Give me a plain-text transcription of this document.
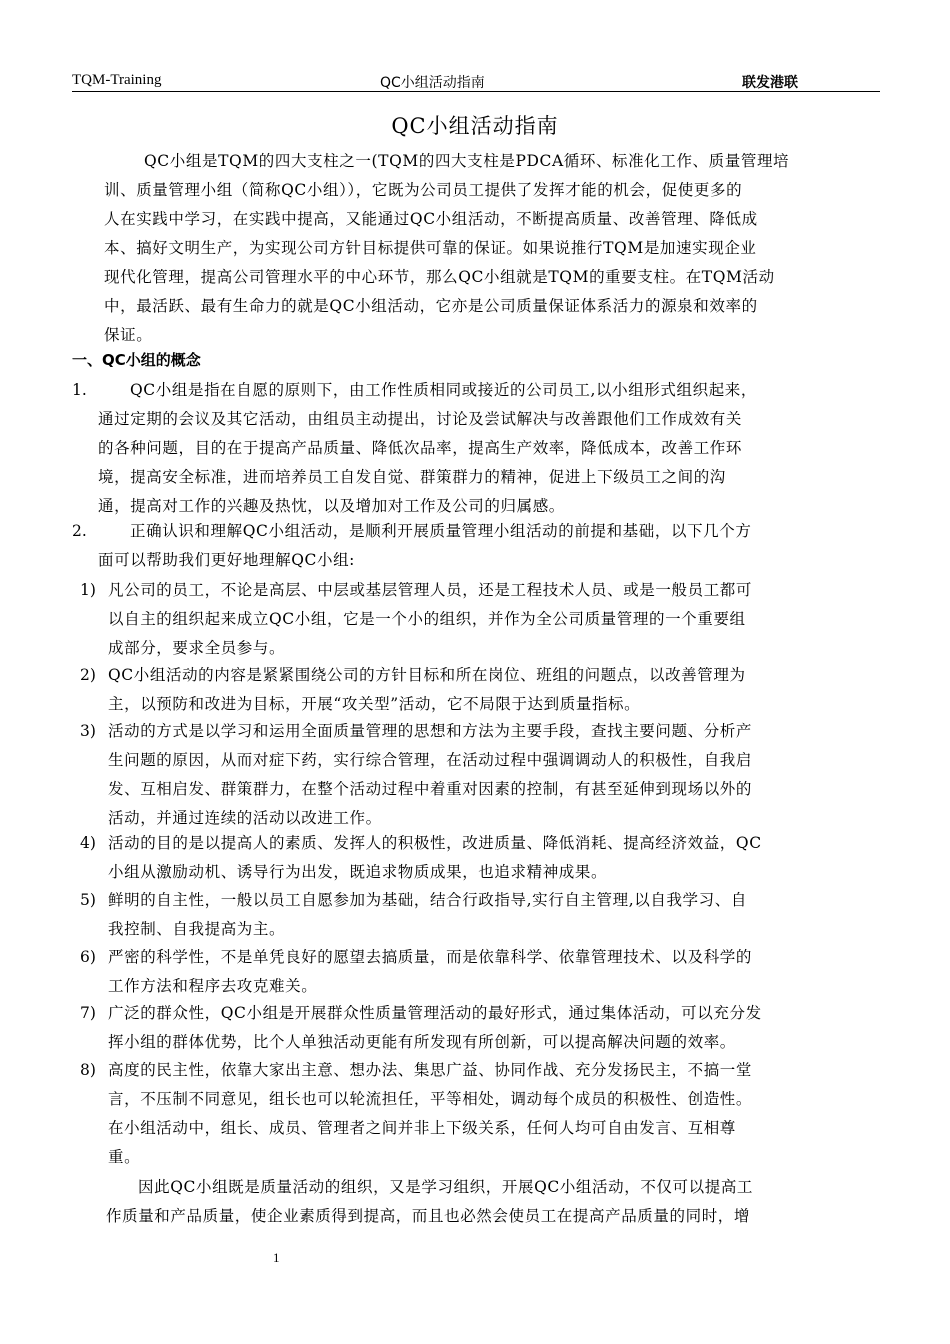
TQM-Training	QC小组活动指南	联发港联
QC小组活动指南
QC小组是TQM的四大支柱之一(TQM的四大支柱是PDCA循环、标准化工作、质量管理培
训、质量管理小组（简称QC小组）），它既为公司员工提供了发挥才能的机会，促使更多的
人在实践中学习，在实践中提高，又能通过QC小组活动，不断提高质量、改善管理、降低成
本、搞好文明生产，为实现公司方针目标提供可靠的保证。如果说推行TQM是加速实现企业
现代化管理，提高公司管理水平的中心环节，那么QC小组就是TQM的重要支柱。在TQM活动
中，最活跃、最有生命力的就是QC小组活动，它亦是公司质量保证体系活力的源泉和效率的
保证。
一、QC小组的概念
1.	QC小组是指在自愿的原则下，由工作性质相同或接近的公司员工,以小组形式组织起来，
通过定期的会议及其它活动，由组员主动提出，讨论及尝试解决与改善跟他们工作成效有关
的各种问题，目的在于提高产品质量、降低次品率，提高生产效率，降低成本，改善工作环
境，提高安全标准，进而培养员工自发自觉、群策群力的精神，促进上下级员工之间的沟
通，提高对工作的兴趣及热忱，以及增加对工作及公司的归属感。
2.	正确认识和理解QC小组活动，是顺利开展质量管理小组活动的前提和基础，以下几个方
面可以帮助我们更好地理解QC小组:
1) 凡公司的员工，不论是高层、中层或基层管理人员，还是工程技术人员、或是一般员工都可
以自主的组织起来成立QC小组，它是一个小的组织，并作为全公司质量管理的一个重要组
成部分，要求全员参与。
2) QC小组活动的内容是紧紧围绕公司的方针目标和所在岗位、班组的问题点，以改善管理为
主，以预防和改进为目标，开展“攻关型”活动，它不局限于达到质量指标。
3) 活动的方式是以学习和运用全面质量管理的思想和方法为主要手段，查找主要问题、分析产
生问题的原因，从而对症下药，实行综合管理，在活动过程中强调调动人的积极性，自我启
发、互相启发、群策群力，在整个活动过程中着重对因素的控制，有甚至延伸到现场以外的
活动，并通过连续的活动以改进工作。
4) 活动的目的是以提高人的素质、发挥人的积极性，改进质量、降低消耗、提高经济效益，QC
小组从激励动机、诱导行为出发，既追求物质成果，也追求精神成果。
5) 鲜明的自主性，一般以员工自愿参加为基础，结合行政指导,实行自主管理,以自我学习、自
我控制、自我提高为主。
6) 严密的科学性，不是单凭良好的愿望去搞质量，而是依靠科学、依靠管理技术、以及科学的
工作方法和程序去攻克难关。
7) 广泛的群众性，QC小组是开展群众性质量管理活动的最好形式，通过集体活动，可以充分发
挥小组的群体优势，比个人单独活动更能有所发现有所创新，可以提高解决问题的效率。
8) 高度的民主性，依靠大家出主意、想办法、集思广益、协同作战、充分发扬民主，不搞一堂
言，不压制不同意见，组长也可以轮流担任，平等相处，调动每个成员的积极性、创造性。
在小组活动中，组长、成员、管理者之间并非上下级关系，任何人均可自由发言、互相尊
重。
因此QC小组既是质量活动的组织，又是学习组织，开展QC小组活动，不仅可以提高工
作质量和产品质量，使企业素质得到提高，而且也必然会使员工在提高产品质量的同时，增
1
